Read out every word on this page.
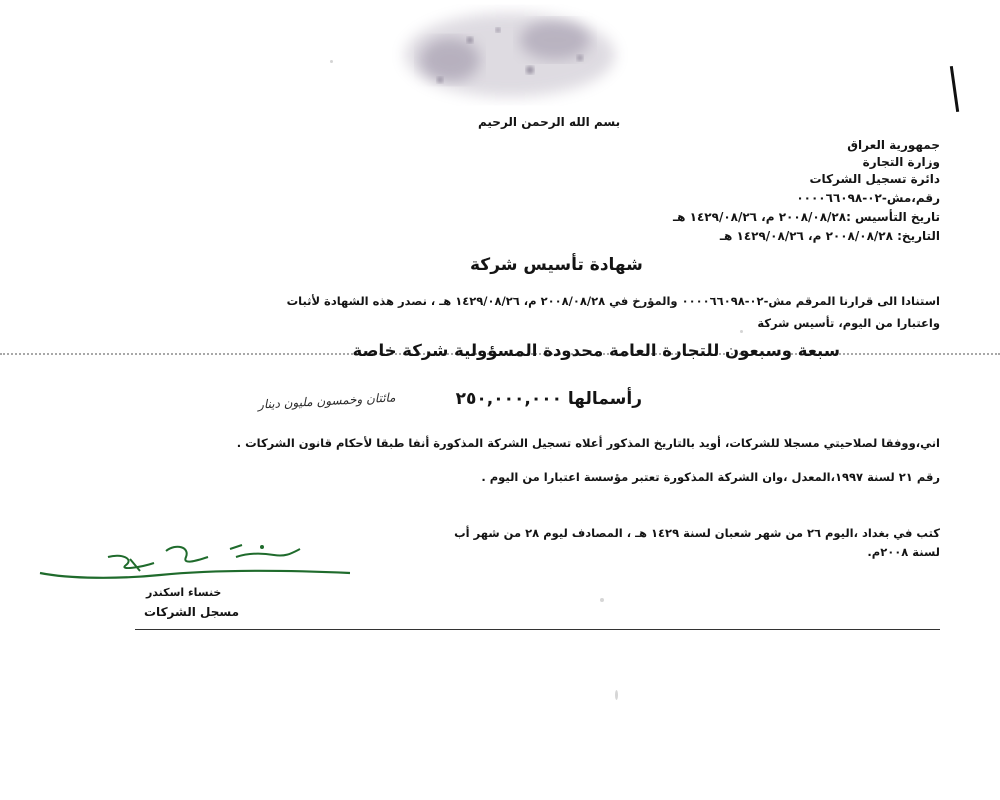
بسم الله الرحمن الرحيم
جمهورية العراق
وزارة التجارة
دائرة تسجيل الشركات
رقم،مش-٠٢-٠٠٠٠٦٦٠٩٨
تاريخ التأسيس :٢٠٠٨/٠٨/٢٨ م، ١٤٢٩/٠٨/٢٦ هـ
التاريخ: ٢٠٠٨/٠٨/٢٨ م، ١٤٢٩/٠٨/٢٦ هـ
شهادة تأسيس شركة
استنادا الى قرارنا المرقم مش-٠٢-٠٠٠٠٦٦٠٩٨ والمؤرخ في ٢٠٠٨/٠٨/٢٨ م، ١٤٢٩/٠٨/٢٦ هـ ، نصدر هذه الشهادة لأثبات
واعتبارا من اليوم، تأسيس شركة
سبعة وسبعون للتجارة العامة محدودة المسؤولية شركة خاصة
رأسمالها ٢٥٠,٠٠٠,٠٠٠
مائتان وخمسون مليون دينار
اني،ووفقا لصلاحيتي مسجلا للشركات، أويد بالتاريخ المذكور أعلاه تسجيل الشركة المذكورة أنفا طبقا لأحكام قانون الشركات .
رقم ٢١ لسنة ١٩٩٧،المعدل ،وان الشركة المذكورة تعتبر مؤسسة اعتبارا من اليوم .
كتب في بغداد ،اليوم ٢٦ من شهر شعبان لسنة ١٤٢٩ هـ ، المصادف ليوم ٢٨ من شهر أب
لسنة ٢٠٠٨م.
خنساء اسكندر
مسجل الشركات
